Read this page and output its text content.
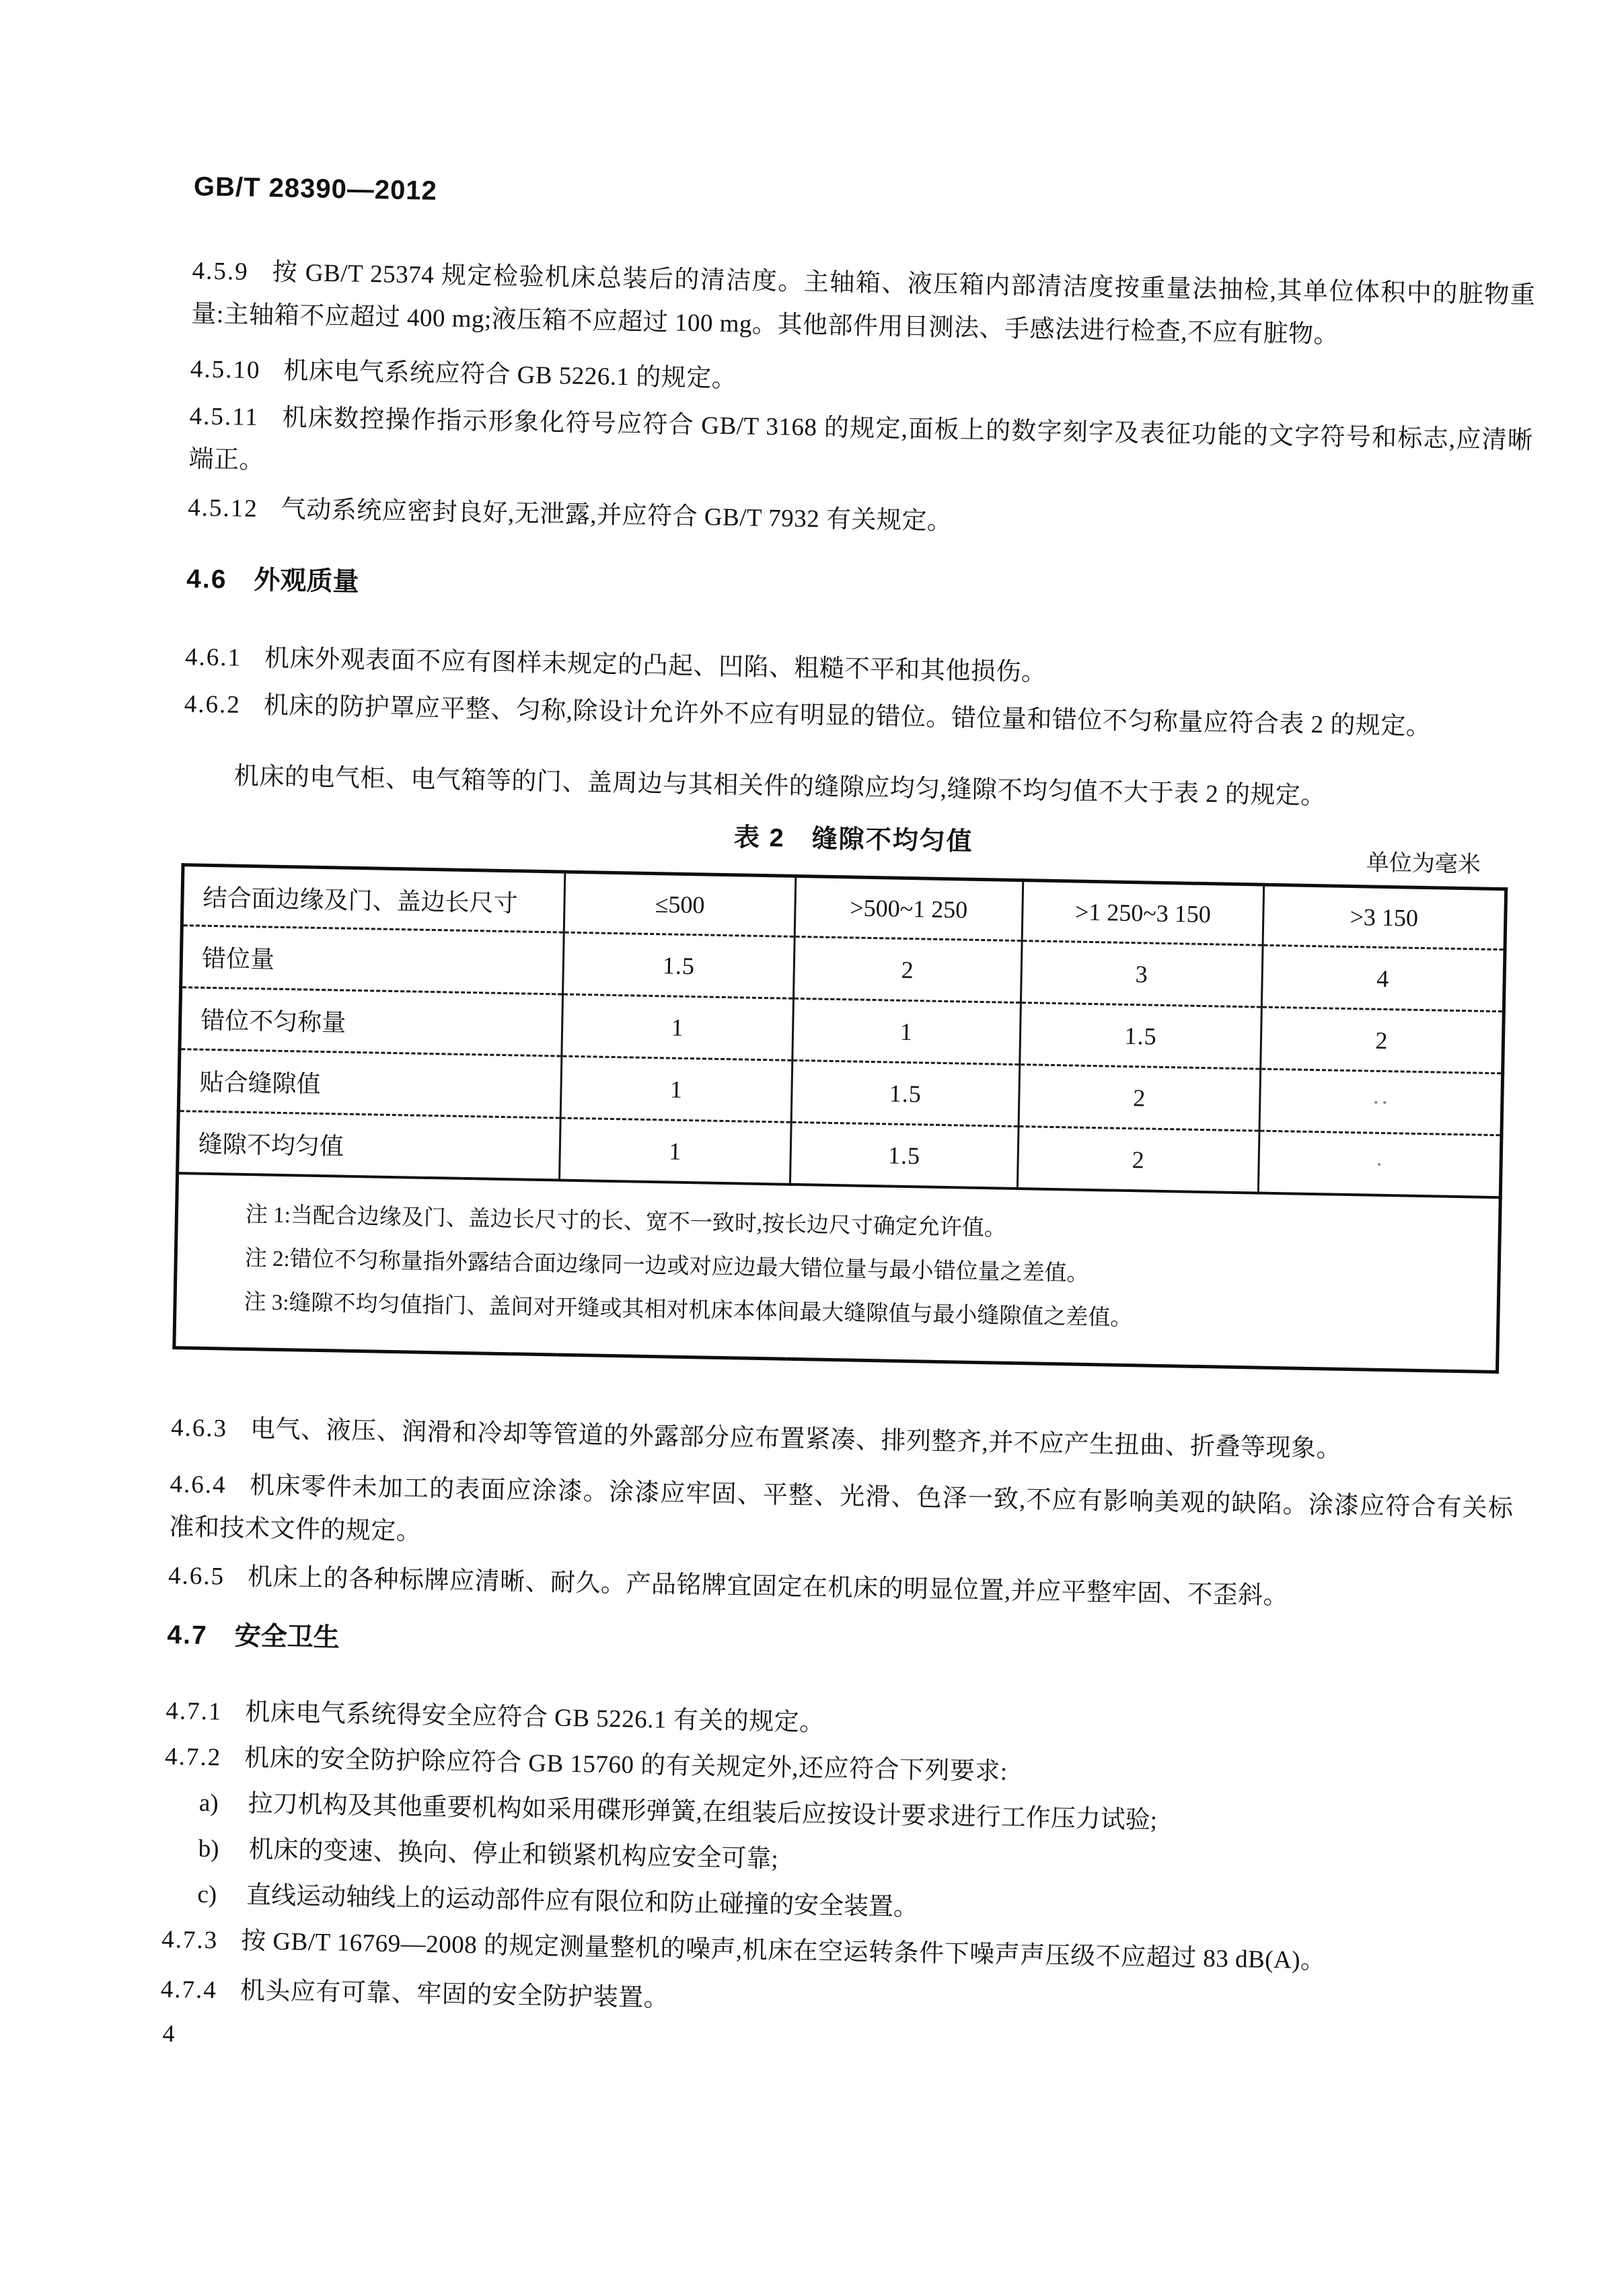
GB/T 28390—2012

4.5.9 按 GB/T 25374 规定检验机床总装后的清洁度。主轴箱、液压箱内部清洁度按重量法抽检,其单位体积中的脏物重量:主轴箱不应超过 400 mg;液压箱不应超过 100 mg。其他部件用目测法、手感法进行检查,不应有脏物。

4.5.10 机床电气系统应符合 GB 5226.1 的规定。

4.5.11 机床数控操作指示形象化符号应符合 GB/T 3168 的规定,面板上的数字刻字及表征功能的文字符号和标志,应清晰端正。

4.5.12 气动系统应密封良好,无泄露,并应符合 GB/T 7932 有关规定。

4.6 外观质量

4.6.1 机床外观表面不应有图样未规定的凸起、凹陷、粗糙不平和其他损伤。

4.6.2 机床的防护罩应平整、匀称,除设计允许外不应有明显的错位。错位量和错位不匀称量应符合表 2 的规定。

机床的电气柜、电气箱等的门、盖周边与其相关件的缝隙应均匀,缝隙不均匀值不大于表 2 的规定。

表 2　缝隙不均匀值
单位为毫米
结合面边缘及门、盖边长尺寸	≤500	>500~1 250	>1 250~3 150	>3 150
错位量	1.5	2	3	4
错位不匀称量	1	1	1.5	2
贴合缝隙值	1	1.5	2	··
缝隙不均匀值	1	1.5	2	·

注 1:当配合边缘及门、盖边长尺寸的长、宽不一致时,按长边尺寸确定允许值。

注 2:错位不匀称量指外露结合面边缘同一边或对应边最大错位量与最小错位量之差值。

注 3:缝隙不均匀值指门、盖间对开缝或其相对机床本体间最大缝隙值与最小缝隙值之差值。				

4.6.3 电气、液压、润滑和冷却等管道的外露部分应布置紧凑、排列整齐,并不应产生扭曲、折叠等现象。

4.6.4 机床零件未加工的表面应涂漆。涂漆应牢固、平整、光滑、色泽一致,不应有影响美观的缺陷。涂漆应符合有关标准和技术文件的规定。

4.6.5 机床上的各种标牌应清晰、耐久。产品铭牌宜固定在机床的明显位置,并应平整牢固、不歪斜。

4.7 安全卫生

4.7.1 机床电气系统得安全应符合 GB 5226.1 有关的规定。

4.7.2 机床的安全防护除应符合 GB 15760 的有关规定外,还应符合下列要求:

a) 拉刀机构及其他重要机构如采用碟形弹簧,在组装后应按设计要求进行工作压力试验;

b) 机床的变速、换向、停止和锁紧机构应安全可靠;

c) 直线运动轴线上的运动部件应有限位和防止碰撞的安全装置。

4.7.3 按 GB/T 16769—2008 的规定测量整机的噪声,机床在空运转条件下噪声声压级不应超过 83 dB(A)。

4.7.4 机头应有可靠、牢固的安全防护装置。

4
